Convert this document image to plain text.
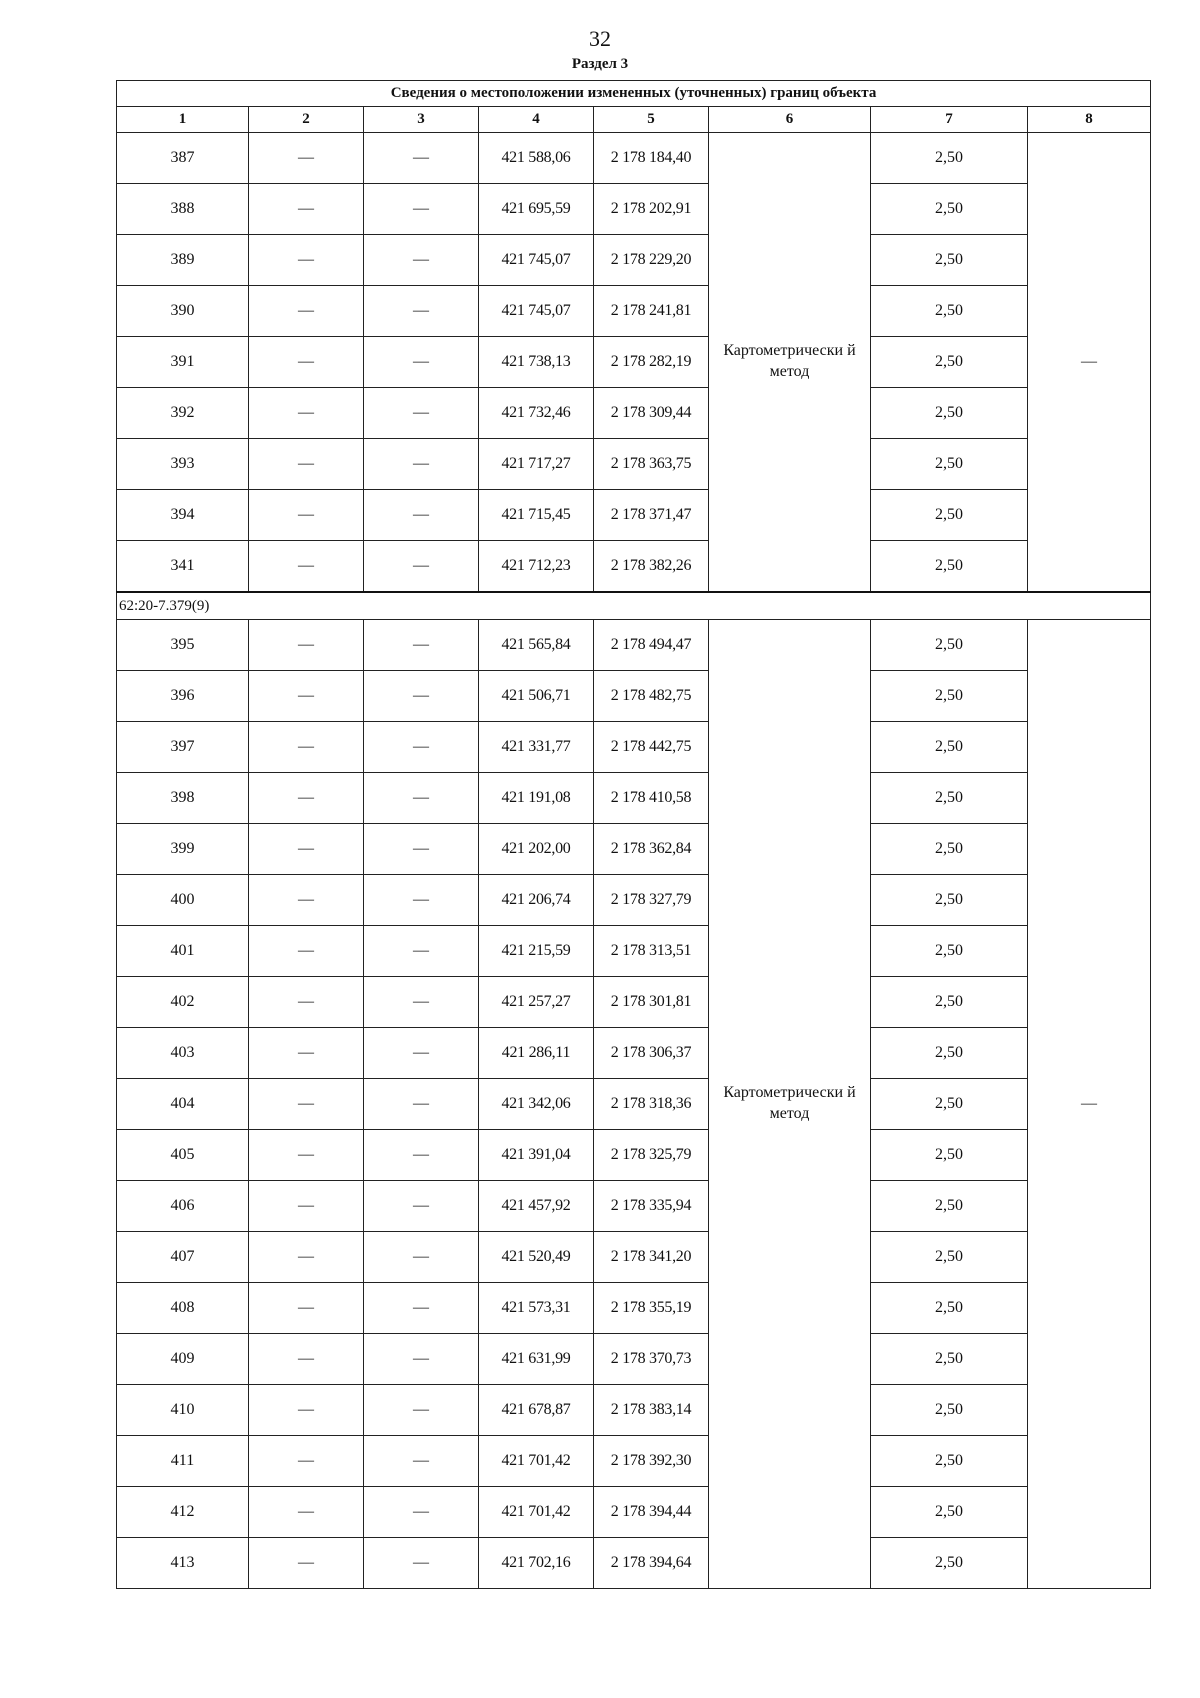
32
Раздел 3
Сведения о местоположении измененных (уточненных) границ объекта							
1	2	3	4	5	6	7	8
387	—	—	421 588,06	2 178 184,40	Картометрически й метод	2,50	—
388	—	—	421 695,59	2 178 202,91		2,50	
389	—	—	421 745,07	2 178 229,20		2,50	
390	—	—	421 745,07	2 178 241,81		2,50	
391	—	—	421 738,13	2 178 282,19		2,50	
392	—	—	421 732,46	2 178 309,44		2,50	
393	—	—	421 717,27	2 178 363,75		2,50	
394	—	—	421 715,45	2 178 371,47		2,50	
341	—	—	421 712,23	2 178 382,26		2,50	
62:20-7.379(9)							
395	—	—	421 565,84	2 178 494,47	Картометрически й метод	2,50	—
396	—	—	421 506,71	2 178 482,75		2,50	
397	—	—	421 331,77	2 178 442,75		2,50	
398	—	—	421 191,08	2 178 410,58		2,50	
399	—	—	421 202,00	2 178 362,84		2,50	
400	—	—	421 206,74	2 178 327,79		2,50	
401	—	—	421 215,59	2 178 313,51		2,50	
402	—	—	421 257,27	2 178 301,81		2,50	
403	—	—	421 286,11	2 178 306,37		2,50	
404	—	—	421 342,06	2 178 318,36		2,50	
405	—	—	421 391,04	2 178 325,79		2,50	
406	—	—	421 457,92	2 178 335,94		2,50	
407	—	—	421 520,49	2 178 341,20		2,50	
408	—	—	421 573,31	2 178 355,19		2,50	
409	—	—	421 631,99	2 178 370,73		2,50	
410	—	—	421 678,87	2 178 383,14		2,50	
411	—	—	421 701,42	2 178 392,30		2,50	
412	—	—	421 701,42	2 178 394,44		2,50	
413	—	—	421 702,16	2 178 394,64		2,50	
